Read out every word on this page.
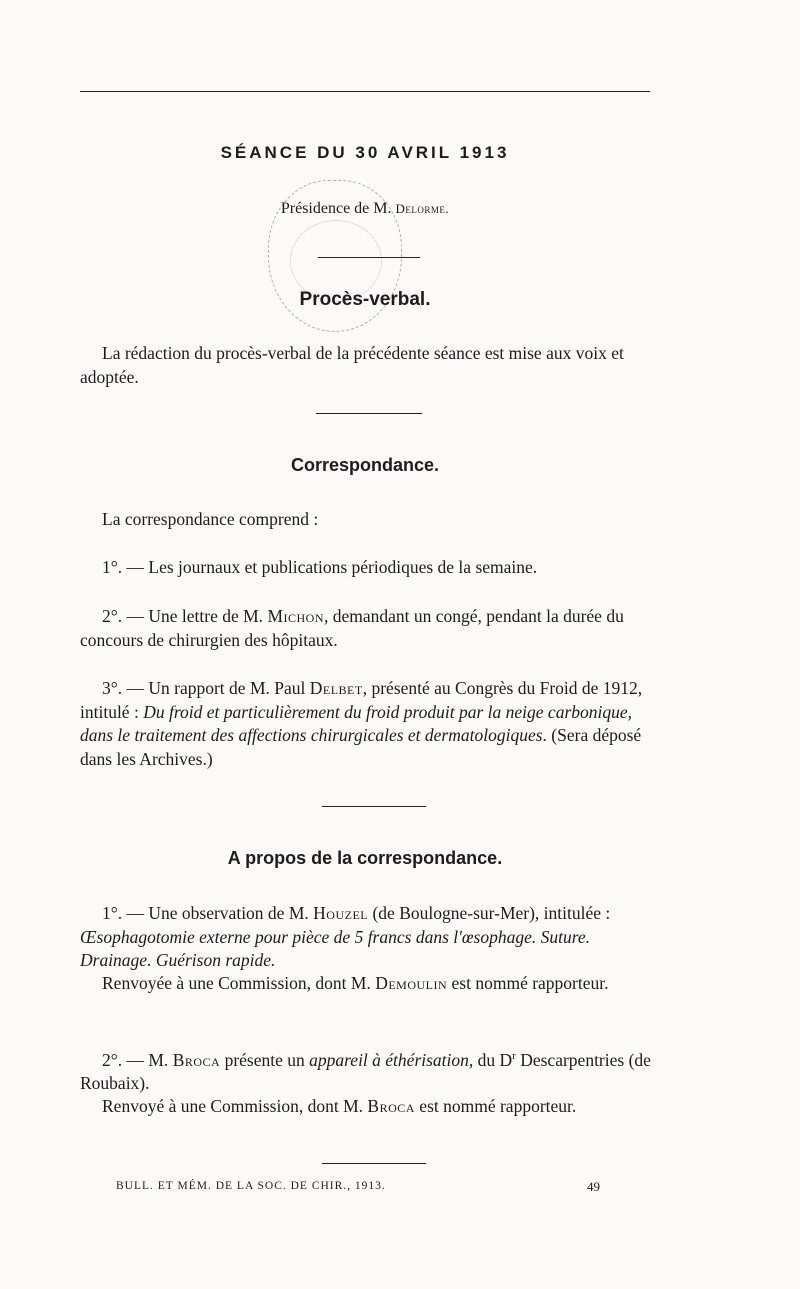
SÉANCE DU 30 AVRIL 1913
Présidence de M. Delorme.
Procès-verbal.
La rédaction du procès-verbal de la précédente séance est mise aux voix et adoptée.
Correspondance.
La correspondance comprend :
1°. — Les journaux et publications périodiques de la semaine.
2°. — Une lettre de M. Michon, demandant un congé, pendant la durée du concours de chirurgien des hôpitaux.
3°. — Un rapport de M. Paul Delbet, présenté au Congrès du Froid de 1912, intitulé : Du froid et particulièrement du froid produit par la neige carbonique, dans le traitement des affections chirurgicales et dermatologiques. (Sera déposé dans les Archives.)
A propos de la correspondance.
1°. — Une observation de M. Houzel (de Boulogne-sur-Mer), intitulée : Œsophagotomie externe pour pièce de 5 francs dans l'œsophage. Suture. Drainage. Guérison rapide.
Renvoyée à une Commission, dont M. Demoulin est nommé rapporteur.
2°. — M. Broca présente un appareil à éthérisation, du $D^r$ Descarpentries (de Roubaix).
Renvoyé à une Commission, dont M. Broca est nommé rapporteur.
BULL. ET MÉM. DE LA SOC. DE CHIR., 1913.	49
